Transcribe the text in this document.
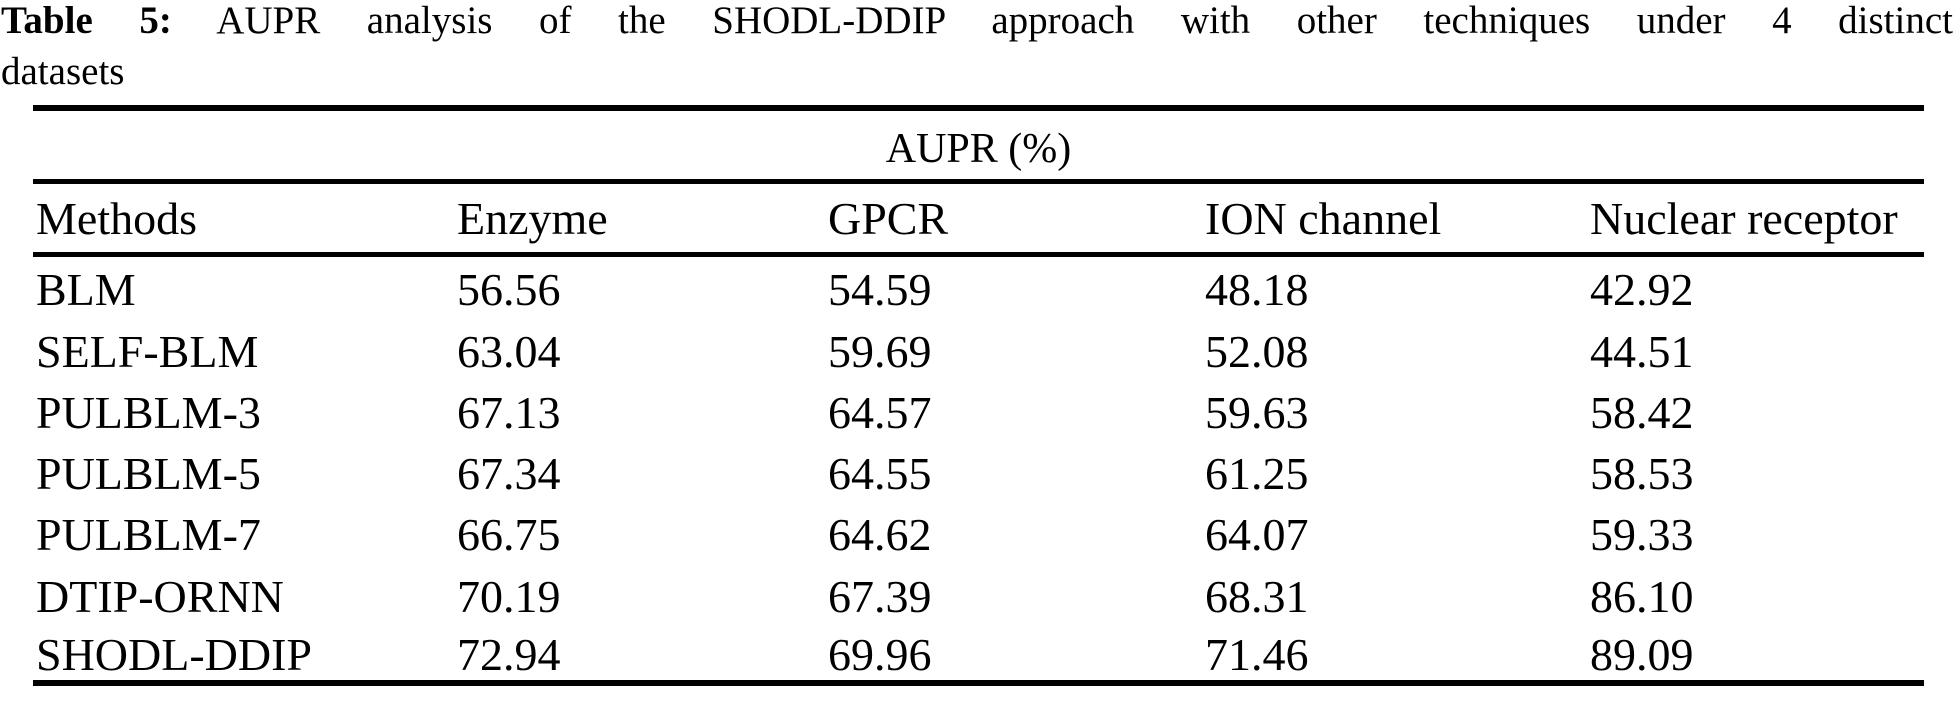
Table 5: AUPR analysis of the SHODL-DDIP approach with other techniques under 4 distinct
datasets
AUPR (%)				
Methods	Enzyme	GPCR	ION channel	Nuclear receptor
BLM	56.56	54.59	48.18	42.92
SELF-BLM	63.04	59.69	52.08	44.51
PULBLM-3	67.13	64.57	59.63	58.42
PULBLM-5	67.34	64.55	61.25	58.53
PULBLM-7	66.75	64.62	64.07	59.33
DTIP-ORNN	70.19	67.39	68.31	86.10
SHODL-DDIP	72.94	69.96	71.46	89.09
